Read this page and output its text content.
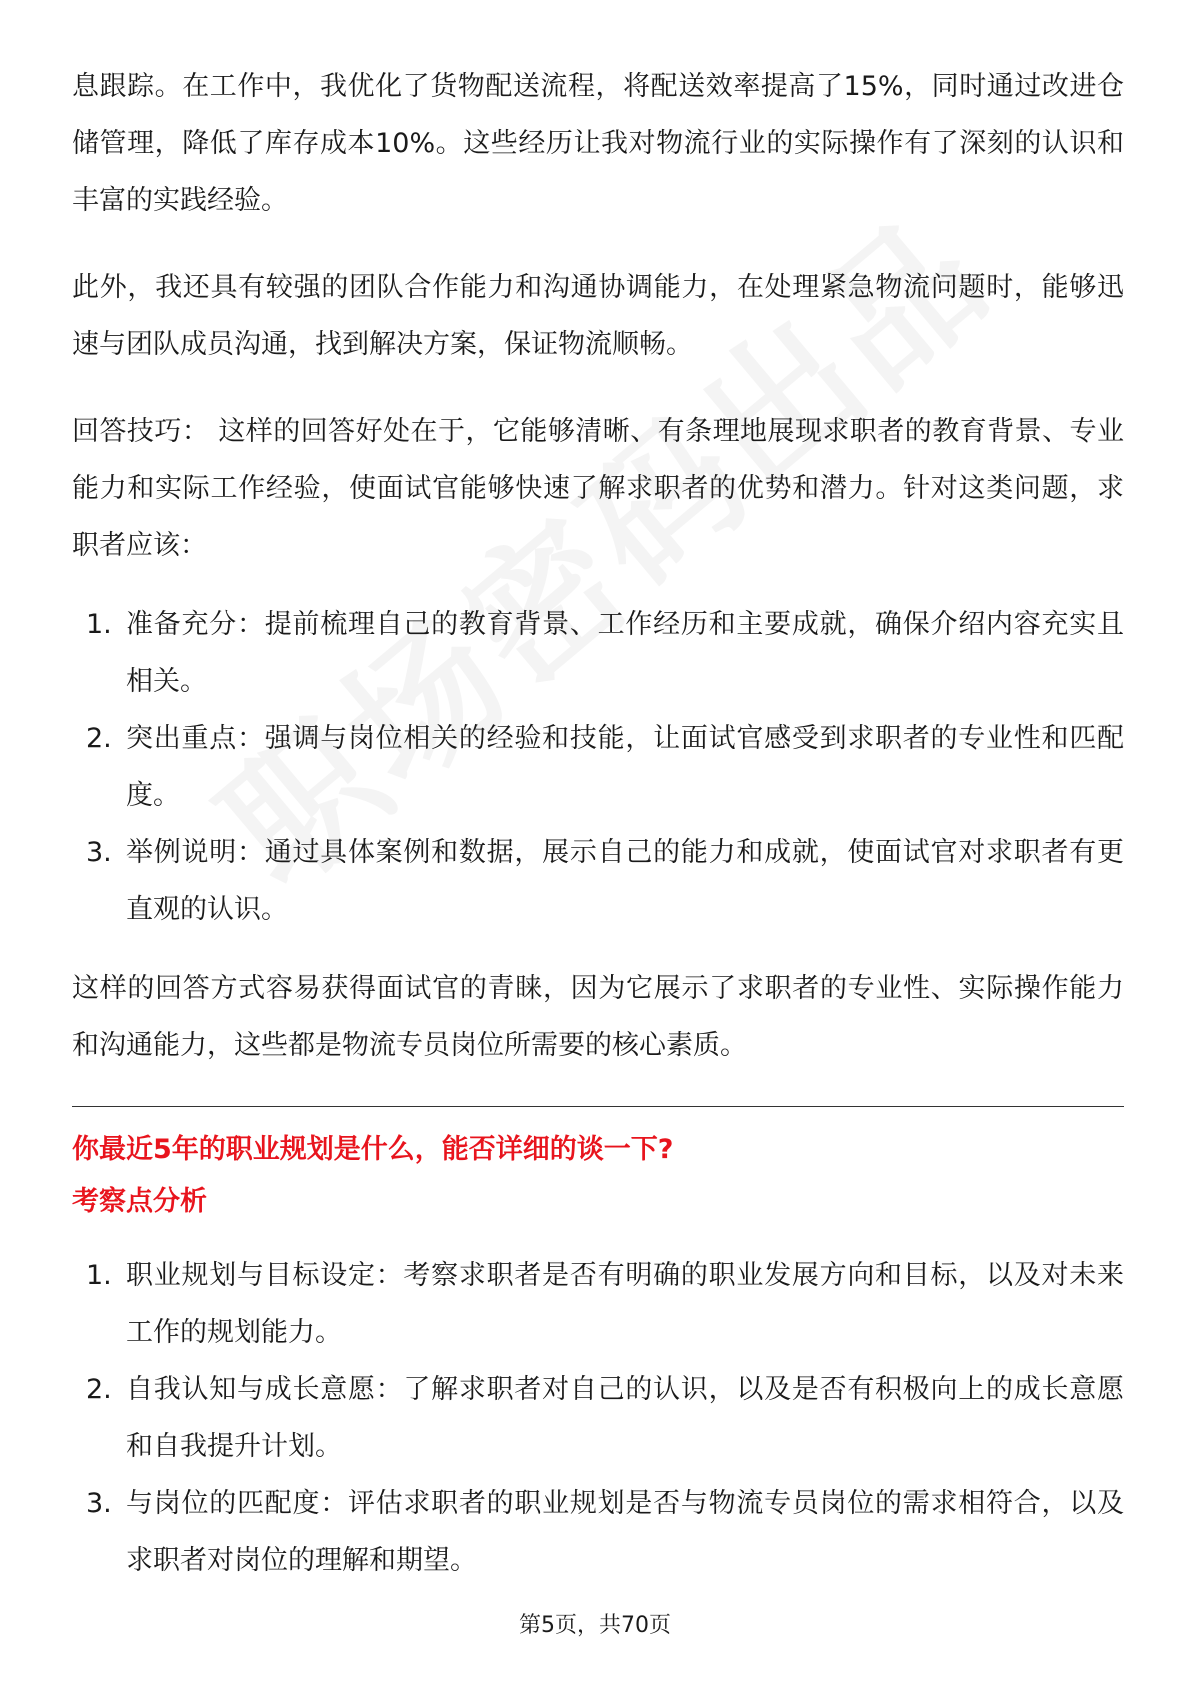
息跟踪。在工作中，我优化了货物配送流程，将配送效率提高了15%，同时通过改进仓储管理，降低了库存成本10%。这些经历让我对物流行业的实际操作有了深刻的认识和丰富的实践经验。

此外，我还具有较强的团队合作能力和沟通协调能力，在处理紧急物流问题时，能够迅速与团队成员沟通，找到解决方案，保证物流顺畅。

回答技巧： 这样的回答好处在于，它能够清晰、有条理地展现求职者的教育背景、专业能力和实际工作经验，使面试官能够快速了解求职者的优势和潜力。针对这类问题，求职者应该：

1. 准备充分：提前梳理自己的教育背景、工作经历和主要成就，确保介绍内容充实且相关。
2. 突出重点：强调与岗位相关的经验和技能，让面试官感受到求职者的专业性和匹配度。
3. 举例说明：通过具体案例和数据，展示自己的能力和成就，使面试官对求职者有更直观的认识。

这样的回答方式容易获得面试官的青睐，因为它展示了求职者的专业性、实际操作能力和沟通能力，这些都是物流专员岗位所需要的核心素质。

你最近5年的职业规划是什么，能否详细的谈一下?

考察点分析

1. 职业规划与目标设定：考察求职者是否有明确的职业发展方向和目标，以及对未来工作的规划能力。
2. 自我认知与成长意愿：了解求职者对自己的认识，以及是否有积极向上的成长意愿和自我提升计划。
3. 与岗位的匹配度：评估求职者的职业规划是否与物流专员岗位的需求相符合，以及求职者对岗位的理解和期望。
第5页，共70页
